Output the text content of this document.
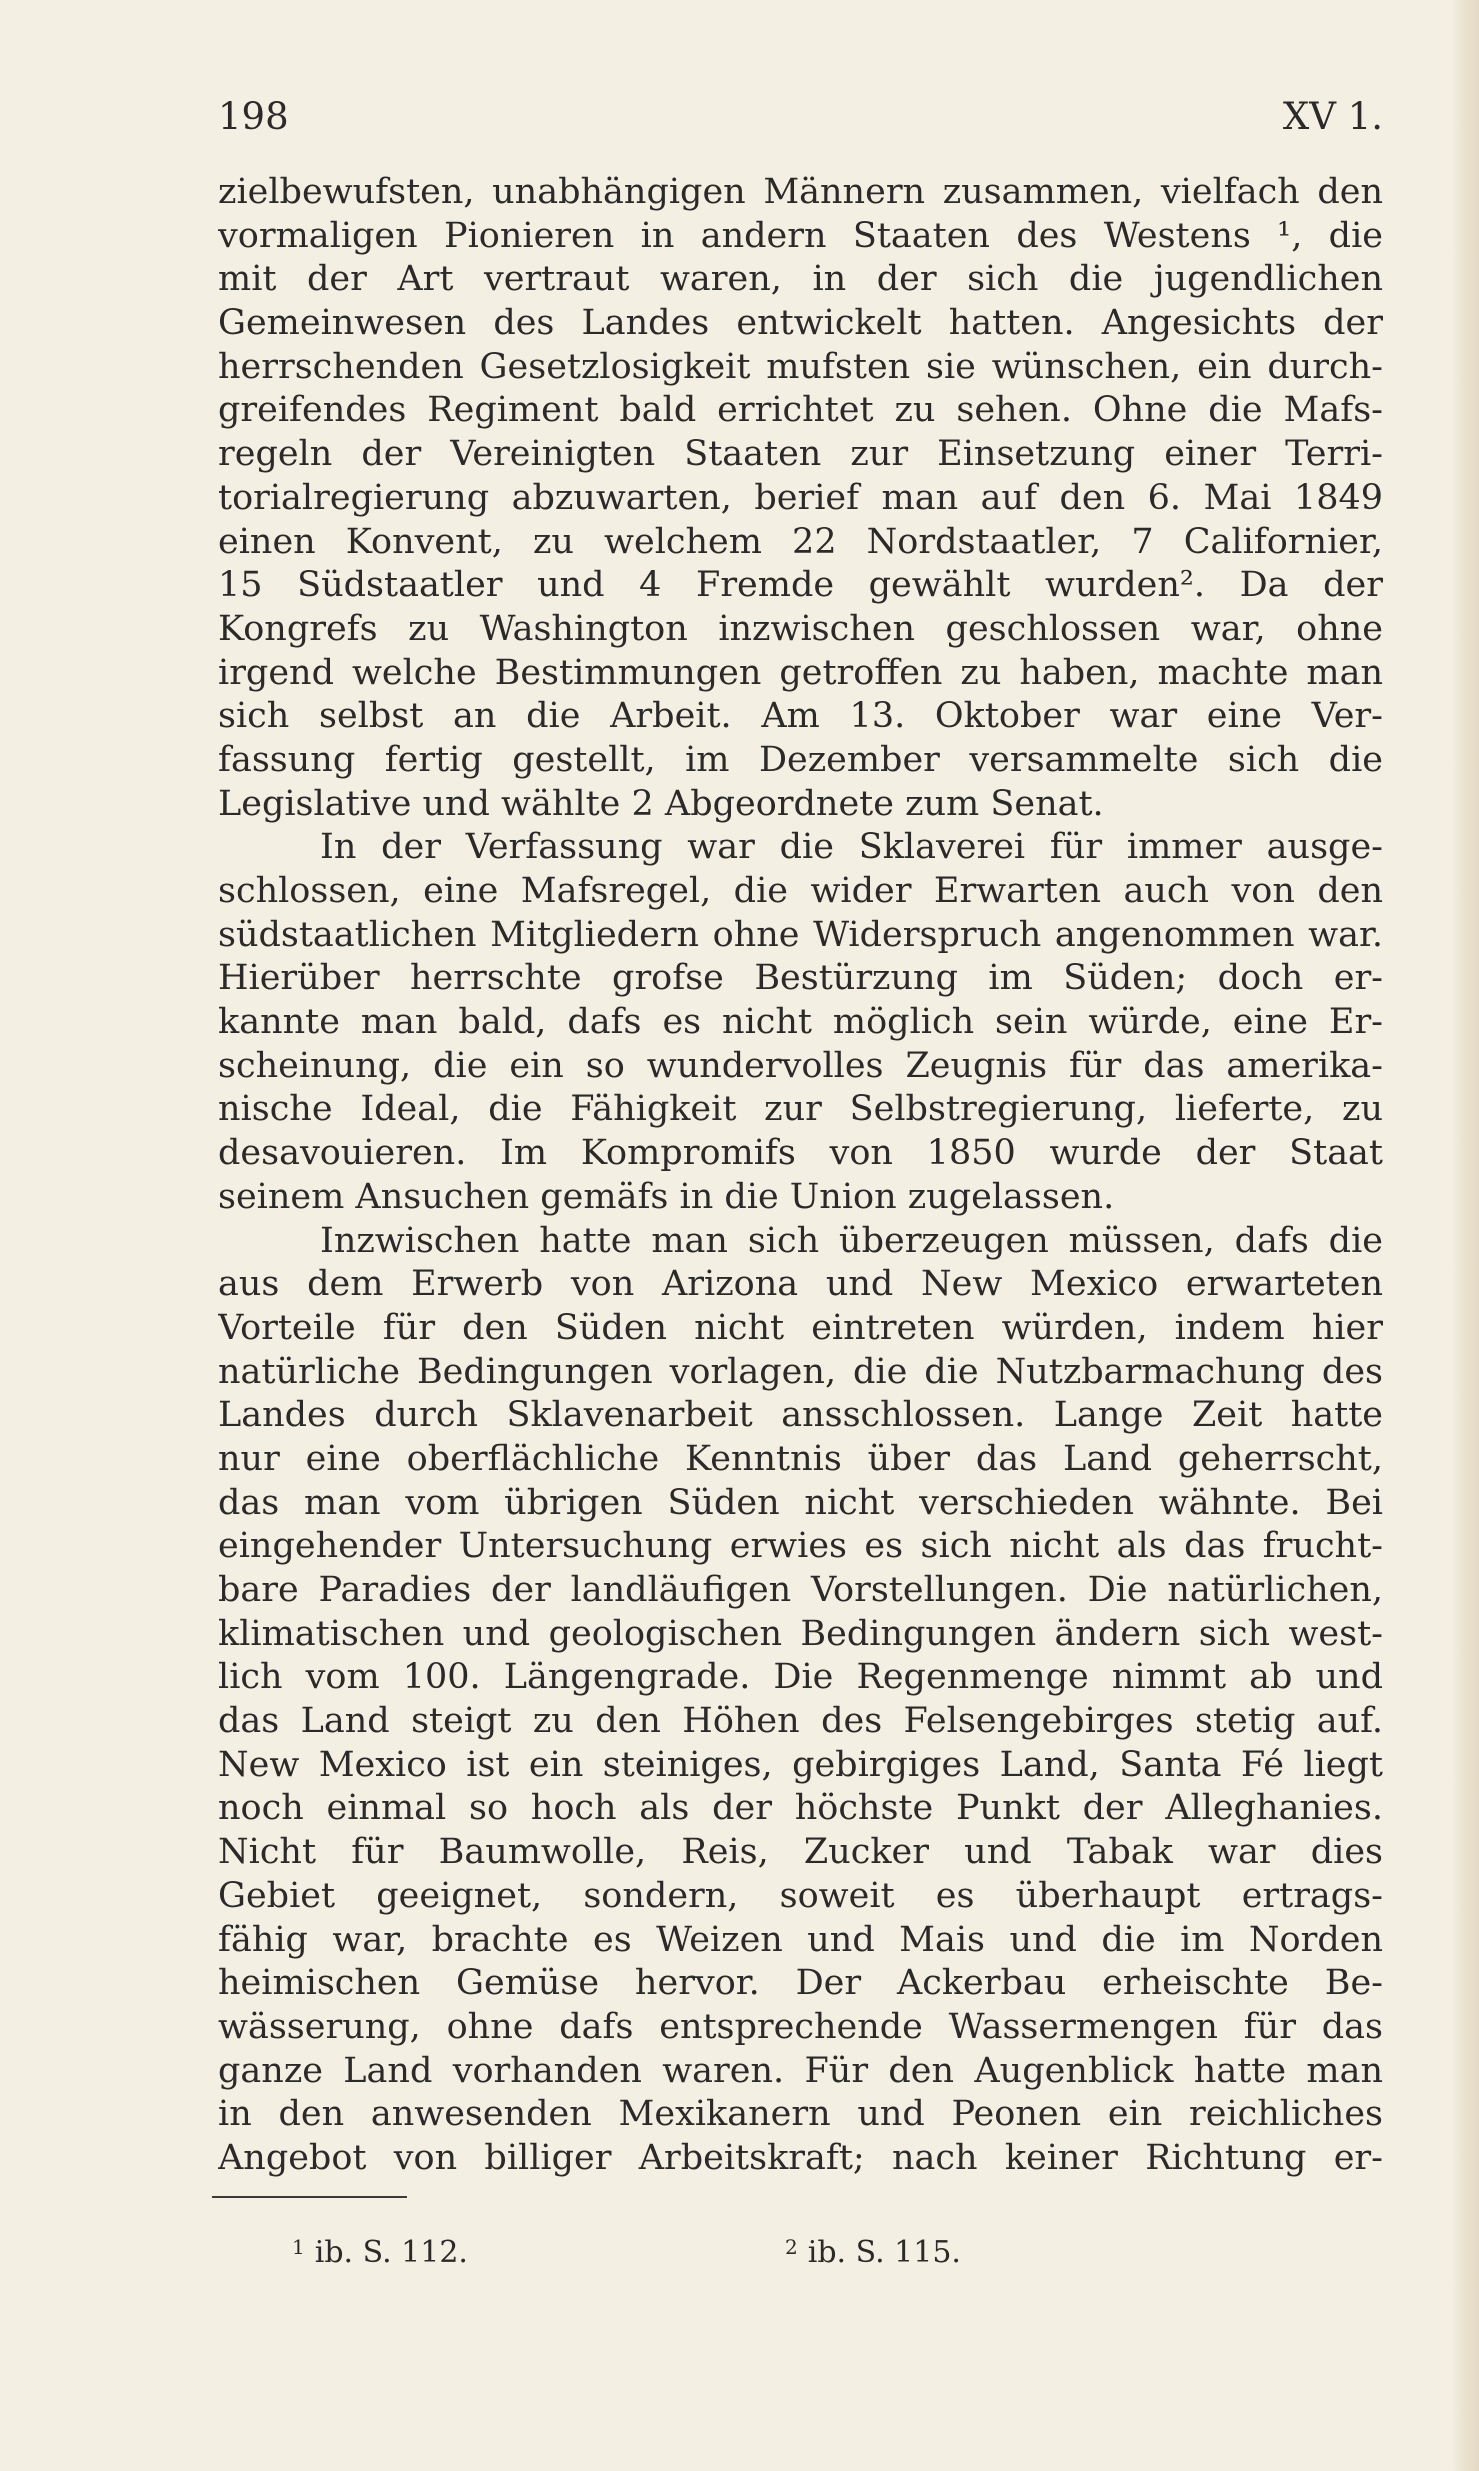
198	XV 1.
zielbewufsten, unabhängigen Männern zusammen, vielfach den
vormaligen Pionieren in andern Staaten des Westens ¹, die
mit der Art vertraut waren, in der sich die jugendlichen
Gemeinwesen des Landes entwickelt hatten. Angesichts der
herrschenden Gesetzlosigkeit mufsten sie wünschen, ein durch-
greifendes Regiment bald errichtet zu sehen. Ohne die Mafs-
regeln der Vereinigten Staaten zur Einsetzung einer Terri-
torialregierung abzuwarten, berief man auf den 6. Mai 1849
einen Konvent, zu welchem 22 Nordstaatler, 7 Californier,
15 Südstaatler und 4 Fremde gewählt wurden². Da der
Kongrefs zu Washington inzwischen geschlossen war, ohne
irgend welche Bestimmungen getroffen zu haben, machte man
sich selbst an die Arbeit. Am 13. Oktober war eine Ver-
fassung fertig gestellt, im Dezember versammelte sich die
Legislative und wählte 2 Abgeordnete zum Senat.
In der Verfassung war die Sklaverei für immer ausge-
schlossen, eine Mafsregel, die wider Erwarten auch von den
südstaatlichen Mitgliedern ohne Widerspruch angenommen war.
Hierüber herrschte grofse Bestürzung im Süden; doch er-
kannte man bald, dafs es nicht möglich sein würde, eine Er-
scheinung, die ein so wundervolles Zeugnis für das amerika-
nische Ideal, die Fähigkeit zur Selbstregierung, lieferte, zu
desavouieren. Im Kompromifs von 1850 wurde der Staat
seinem Ansuchen gemäfs in die Union zugelassen.
Inzwischen hatte man sich überzeugen müssen, dafs die
aus dem Erwerb von Arizona und New Mexico erwarteten
Vorteile für den Süden nicht eintreten würden, indem hier
natürliche Bedingungen vorlagen, die die Nutzbarmachung des
Landes durch Sklavenarbeit ansschlossen. Lange Zeit hatte
nur eine oberflächliche Kenntnis über das Land geherrscht,
das man vom übrigen Süden nicht verschieden wähnte. Bei
eingehender Untersuchung erwies es sich nicht als das frucht-
bare Paradies der landläufigen Vorstellungen. Die natürlichen,
klimatischen und geologischen Bedingungen ändern sich west-
lich vom 100. Längengrade. Die Regenmenge nimmt ab und
das Land steigt zu den Höhen des Felsengebirges stetig auf.
New Mexico ist ein steiniges, gebirgiges Land, Santa Fé liegt
noch einmal so hoch als der höchste Punkt der Alleghanies.
Nicht für Baumwolle, Reis, Zucker und Tabak war dies
Gebiet geeignet, sondern, soweit es überhaupt ertrags-
fähig war, brachte es Weizen und Mais und die im Norden
heimischen Gemüse hervor. Der Ackerbau erheischte Be-
wässerung, ohne dafs entsprechende Wassermengen für das
ganze Land vorhanden waren. Für den Augenblick hatte man
in den anwesenden Mexikanern und Peonen ein reichliches
Angebot von billiger Arbeitskraft; nach keiner Richtung er-
$^1$ ib. S. 112.	$^2$ ib. S. 115.
